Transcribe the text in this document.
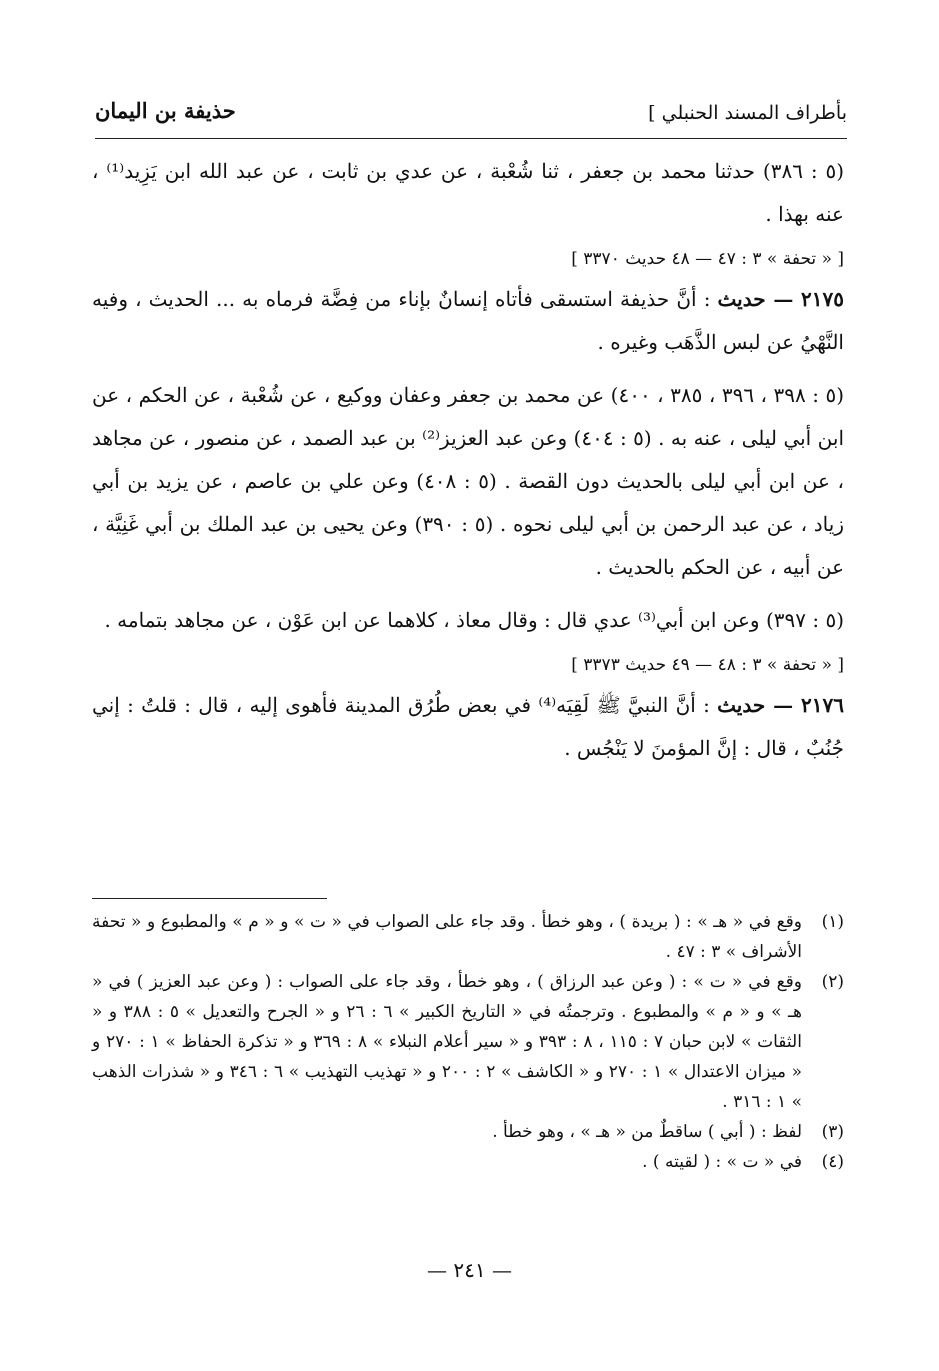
بأطراف المسند الحنبلي ]
حذيفة بن اليمان

(٥ : ٣٨٦) حدثنا محمد بن جعفر ، ثنا شُعْبة ، عن عدي بن ثابت ، عن عبد الله ابن يَزِيد⁽¹⁾ ، عنه بهذا .

[ « تحفة » ٣ : ٤٧ — ٤٨ حديث ٣٣٧٠ ]

٢١٧٥ — حديث : أنَّ حذيفة استسقى فأتاه إنسانٌ بإناء من فِضَّة فرماه به ... الحديث ، وفيه النَّهْيُ عن لبس الذَّهَب وغيره .

(٥ : ٣٩٨ ، ٣٩٦ ، ٣٨٥ ، ٤٠٠) عن محمد بن جعفر وعفان ووكيع ، عن شُعْبة ، عن الحكم ، عن ابن أبي ليلى ، عنه به . (٥ : ٤٠٤) وعن عبد العزيز⁽²⁾ بن عبد الصمد ، عن منصور ، عن مجاهد ، عن ابن أبي ليلى بالحديث دون القصة . (٥ : ٤٠٨) وعن علي بن عاصم ، عن يزيد بن أبي زياد ، عن عبد الرحمن بن أبي ليلى نحوه . (٥ : ٣٩٠) وعن يحيى بن عبد الملك بن أبي غَنِيَّة ، عن أبيه ، عن الحكم بالحديث .

(٥ : ٣٩٧) وعن ابن أبي⁽³⁾ عدي قال : وقال معاذ ، كلاهما عن ابن عَوْن ، عن مجاهد بتمامه .

[ « تحفة » ٣ : ٤٨ — ٤٩ حديث ٣٣٧٣ ]

٢١٧٦ — حديث : أنَّ النبيَّ ﷺ لَقِيَه⁽⁴⁾ في بعض طُرُق المدينة فأهوى إليه ، قال : قلتُ : إني جُنُبٌ ، قال : إنَّ المؤمنَ لا يَنْجُس .

(١)
وقع في « هـ » : ( بريدة ) ، وهو خطأ . وقد جاء على الصواب في « ت » و « م » والمطبوع و « تحفة الأشراف » ٣ : ٤٧ .
(٢)
وقع في « ت » : ( وعن عبد الرزاق ) ، وهو خطأ ، وقد جاء على الصواب : ( وعن عبد العزيز ) في « هـ » و « م » والمطبوع . وترجمتُه في « التاريخ الكبير » ٦ : ٢٦ و « الجرح والتعديل » ٥ : ٣٨٨ و « الثقات » لابن حبان ٧ : ١١٥ ، ٨ : ٣٩٣ و « سير أعلام النبلاء » ٨ : ٣٦٩ و « تذكرة الحفاظ » ١ : ٢٧٠ و « ميزان الاعتدال » ١ : ٢٧٠ و « الكاشف » ٢ : ٢٠٠ و « تهذيب التهذيب » ٦ : ٣٤٦ و « شذرات الذهب » ١ : ٣١٦ .
(٣)
لفظ : ( أبي ) ساقطٌ من « هـ » ، وهو خطأ .
(٤)
في « ت » : ( لقيته ) .
— ٢٤١ —
